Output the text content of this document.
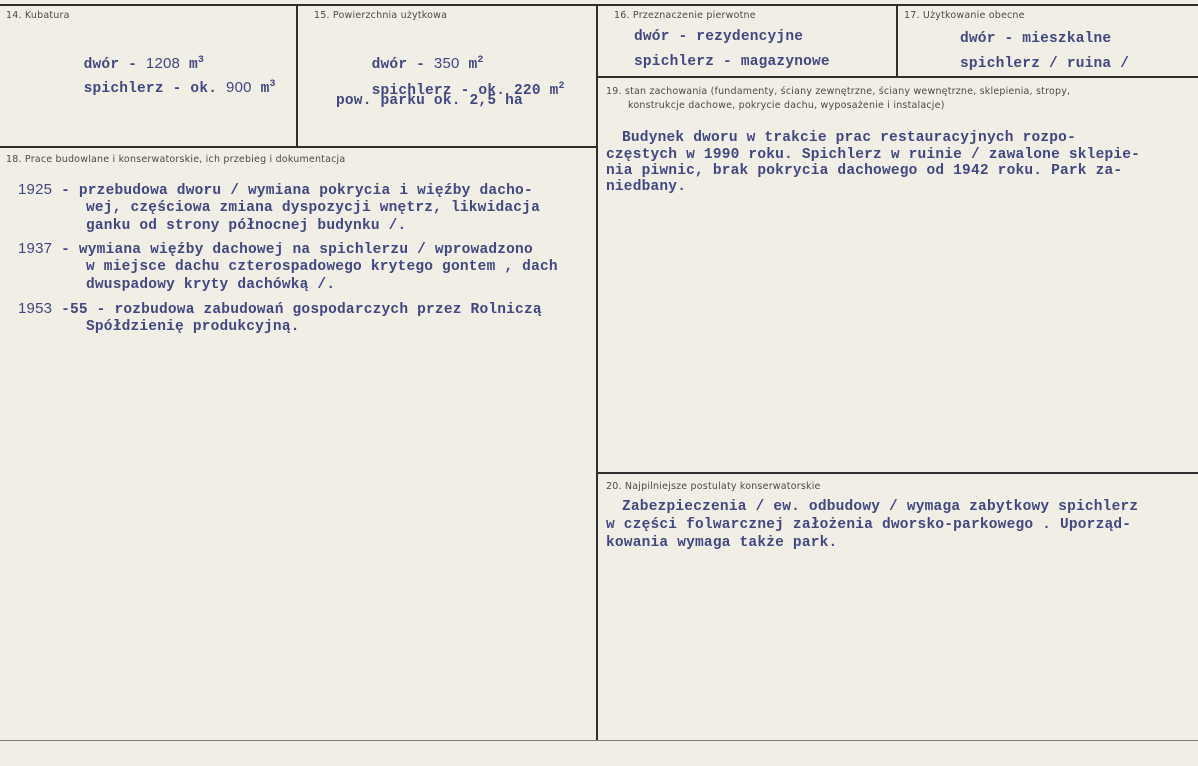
14. Kubatura

dwór - 1208 $m^3$

spichlerz - ok. 900 $m^3$

15. Powierzchnia użytkowa

dwór - 350 $m^2$

spichlerz - ok. 220 $m^2$

pow. parku ok. 2,5 ha
16. Przeznaczenie pierwotne
dwór - rezydencyjne
spichlerz - magazynowe
17. Użytkowanie obecne
dwór - mieszkalne
spichlerz / ruina /
18. Prace budowlane i konserwatorskie, ich przebieg i dokumentacja
1925 - przebudowa dworu / wymiana pokrycia i więźby dacho-
wej, częściowa zmiana dyspozycji wnętrz, likwidacja
ganku od strony północnej budynku /.
1937 - wymiana więźby dachowej na spichlerzu / wprowadzono
w miejsce dachu czterospadowego krytego gontem , dach
dwuspadowy kryty dachówką /.
1953 -55 - rozbudowa zabudowań gospodarczych przez Rolniczą
Spółdzienię produkcyjną.
19. stan zachowania (fundamenty, ściany zewnętrzne, ściany wewnętrzne, sklepienia, stropy,
konstrukcje dachowe, pokrycie dachu, wyposażenie i instalacje)
Budynek dworu w trakcie prac restauracyjnych rozpo-
częstych w 1990 roku. Spichlerz w ruinie / zawalone sklepie-
nia piwnic, brak pokrycia dachowego od 1942 roku. Park za-
niedbany.
20. Najpilniejsze postulaty konserwatorskie
Zabezpieczenia / ew. odbudowy / wymaga zabytkowy spichlerz
w części folwarcznej założenia dworsko-parkowego . Uporząd-
kowania wymaga także park.
